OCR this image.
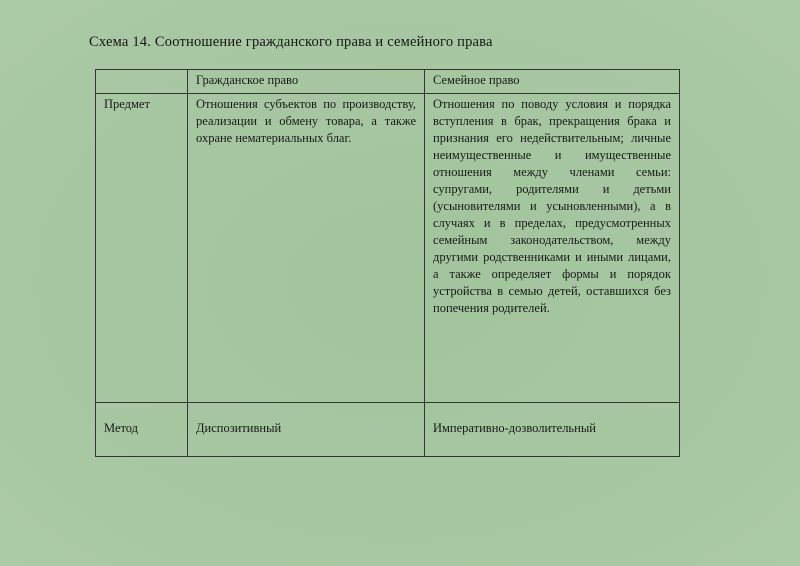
Схема 14. Соотношение гражданского права и семейного права
	Гражданское право	Семейное право
Предмет	Отношения субъектов по производству, реализации и обмену товара, а также охране нематериальных благ.	Отношения по поводу условия и порядка вступления в брак, прекращения брака и признания его недействительным; личные неимущественные и имущественные отношения между членами семьи: супругами, родителями и детьми (усыновителями и усыновленными), а в случаях и в пределах, предусмотренных семейным законодательством, между другими родственниками и иными лицами, а также определяет формы и порядок устройства в семью детей, оставшихся без попечения родителей.
Метод	Диспозитивный	Императивно-дозволительный
